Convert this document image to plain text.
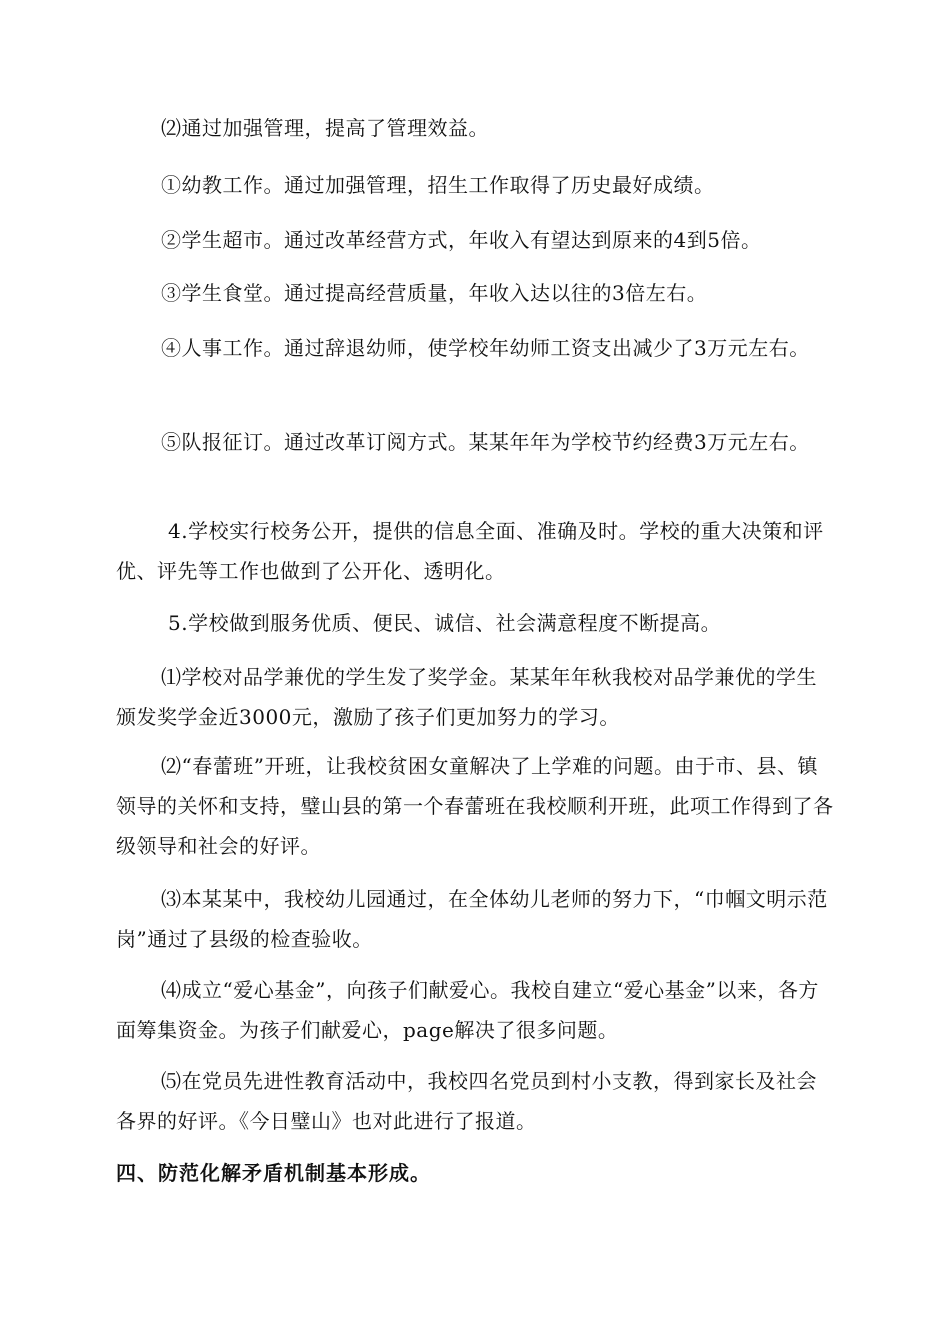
⑵通过加强管理，提高了管理效益。

①幼教工作。通过加强管理，招生工作取得了历史最好成绩。

②学生超市。通过改革经营方式，年收入有望达到原来的4到5倍。

③学生食堂。通过提高经营质量，年收入达以往的3倍左右。

④人事工作。通过辞退幼师，使学校年幼师工资支出减少了3万元左右。

⑤队报征订。通过改革订阅方式。某某年年为学校节约经费3万元左右。

4.学校实行校务公开，提供的信息全面、准确及时。学校的重大决策和评优、评先等工作也做到了公开化、透明化。

5.学校做到服务优质、便民、诚信、社会满意程度不断提高。

⑴学校对品学兼优的学生发了奖学金。某某年年秋我校对品学兼优的学生颁发奖学金近3000元，激励了孩子们更加努力的学习。

⑵“春蕾班”开班，让我校贫困女童解决了上学难的问题。由于市、县、镇领导的关怀和支持，璧山县的第一个春蕾班在我校顺利开班，此项工作得到了各级领导和社会的好评。

⑶本某某中，我校幼儿园通过，在全体幼儿老师的努力下，“巾帼文明示范岗”通过了县级的检查验收。

⑷成立“爱心基金”，向孩子们献爱心。我校自建立“爱心基金”以来，各方面筹集资金。为孩子们献爱心，page解决了很多问题。

⑸在党员先进性教育活动中，我校四名党员到村小支教，得到家长及社会各界的好评。《今日璧山》也对此进行了报道。

四、防范化解矛盾机制基本形成。
